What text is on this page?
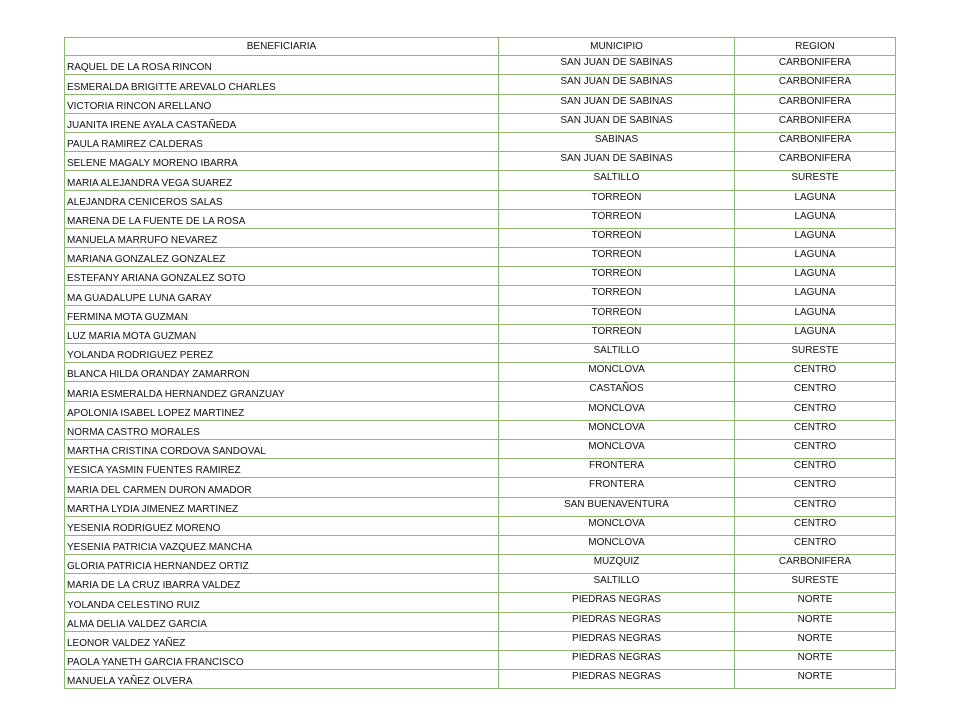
BENEFICIARIA	MUNICIPIO	REGION
RAQUEL DE LA ROSA RINCON	SAN JUAN DE SABINAS	CARBONIFERA
ESMERALDA BRIGITTE AREVALO CHARLES	SAN JUAN DE SABINAS	CARBONIFERA
VICTORIA RINCON ARELLANO	SAN JUAN DE SABINAS	CARBONIFERA
JUANITA IRENE AYALA CASTAÑEDA	SAN JUAN DE SABINAS	CARBONIFERA
PAULA RAMIREZ CALDERAS	SABINAS	CARBONIFERA
SELENE MAGALY MORENO IBARRA	SAN JUAN DE SABINAS	CARBONIFERA
MARIA ALEJANDRA VEGA SUAREZ	SALTILLO	SURESTE
ALEJANDRA CENICEROS SALAS	TORREON	LAGUNA
MARENA DE LA FUENTE DE LA ROSA	TORREON	LAGUNA
MANUELA MARRUFO NEVAREZ	TORREON	LAGUNA
MARIANA GONZALEZ GONZALEZ	TORREON	LAGUNA
ESTEFANY ARIANA GONZALEZ SOTO	TORREON	LAGUNA
MA GUADALUPE LUNA GARAY	TORREON	LAGUNA
FERMINA MOTA GUZMAN	TORREON	LAGUNA
LUZ MARIA MOTA GUZMAN	TORREON	LAGUNA
YOLANDA RODRIGUEZ PEREZ	SALTILLO	SURESTE
BLANCA HILDA ORANDAY ZAMARRON	MONCLOVA	CENTRO
MARIA ESMERALDA HERNANDEZ GRANZUAY	CASTAÑOS	CENTRO
APOLONIA ISABEL LOPEZ MARTINEZ	MONCLOVA	CENTRO
NORMA CASTRO MORALES	MONCLOVA	CENTRO
MARTHA CRISTINA CORDOVA SANDOVAL	MONCLOVA	CENTRO
YESICA YASMIN FUENTES RAMIREZ	FRONTERA	CENTRO
MARIA DEL CARMEN DURON AMADOR	FRONTERA	CENTRO
MARTHA LYDIA JIMENEZ MARTINEZ	SAN BUENAVENTURA	CENTRO
YESENIA RODRIGUEZ MORENO	MONCLOVA	CENTRO
YESENIA PATRICIA VAZQUEZ MANCHA	MONCLOVA	CENTRO
GLORIA PATRICIA HERNANDEZ ORTIZ	MUZQUIZ	CARBONIFERA
MARIA DE LA CRUZ IBARRA VALDEZ	SALTILLO	SURESTE
YOLANDA CELESTINO RUIZ	PIEDRAS NEGRAS	NORTE
ALMA DELIA VALDEZ GARCIA	PIEDRAS NEGRAS	NORTE
LEONOR VALDEZ YAÑEZ	PIEDRAS NEGRAS	NORTE
PAOLA YANETH GARCIA FRANCISCO	PIEDRAS NEGRAS	NORTE
MANUELA YAÑEZ OLVERA	PIEDRAS NEGRAS	NORTE
